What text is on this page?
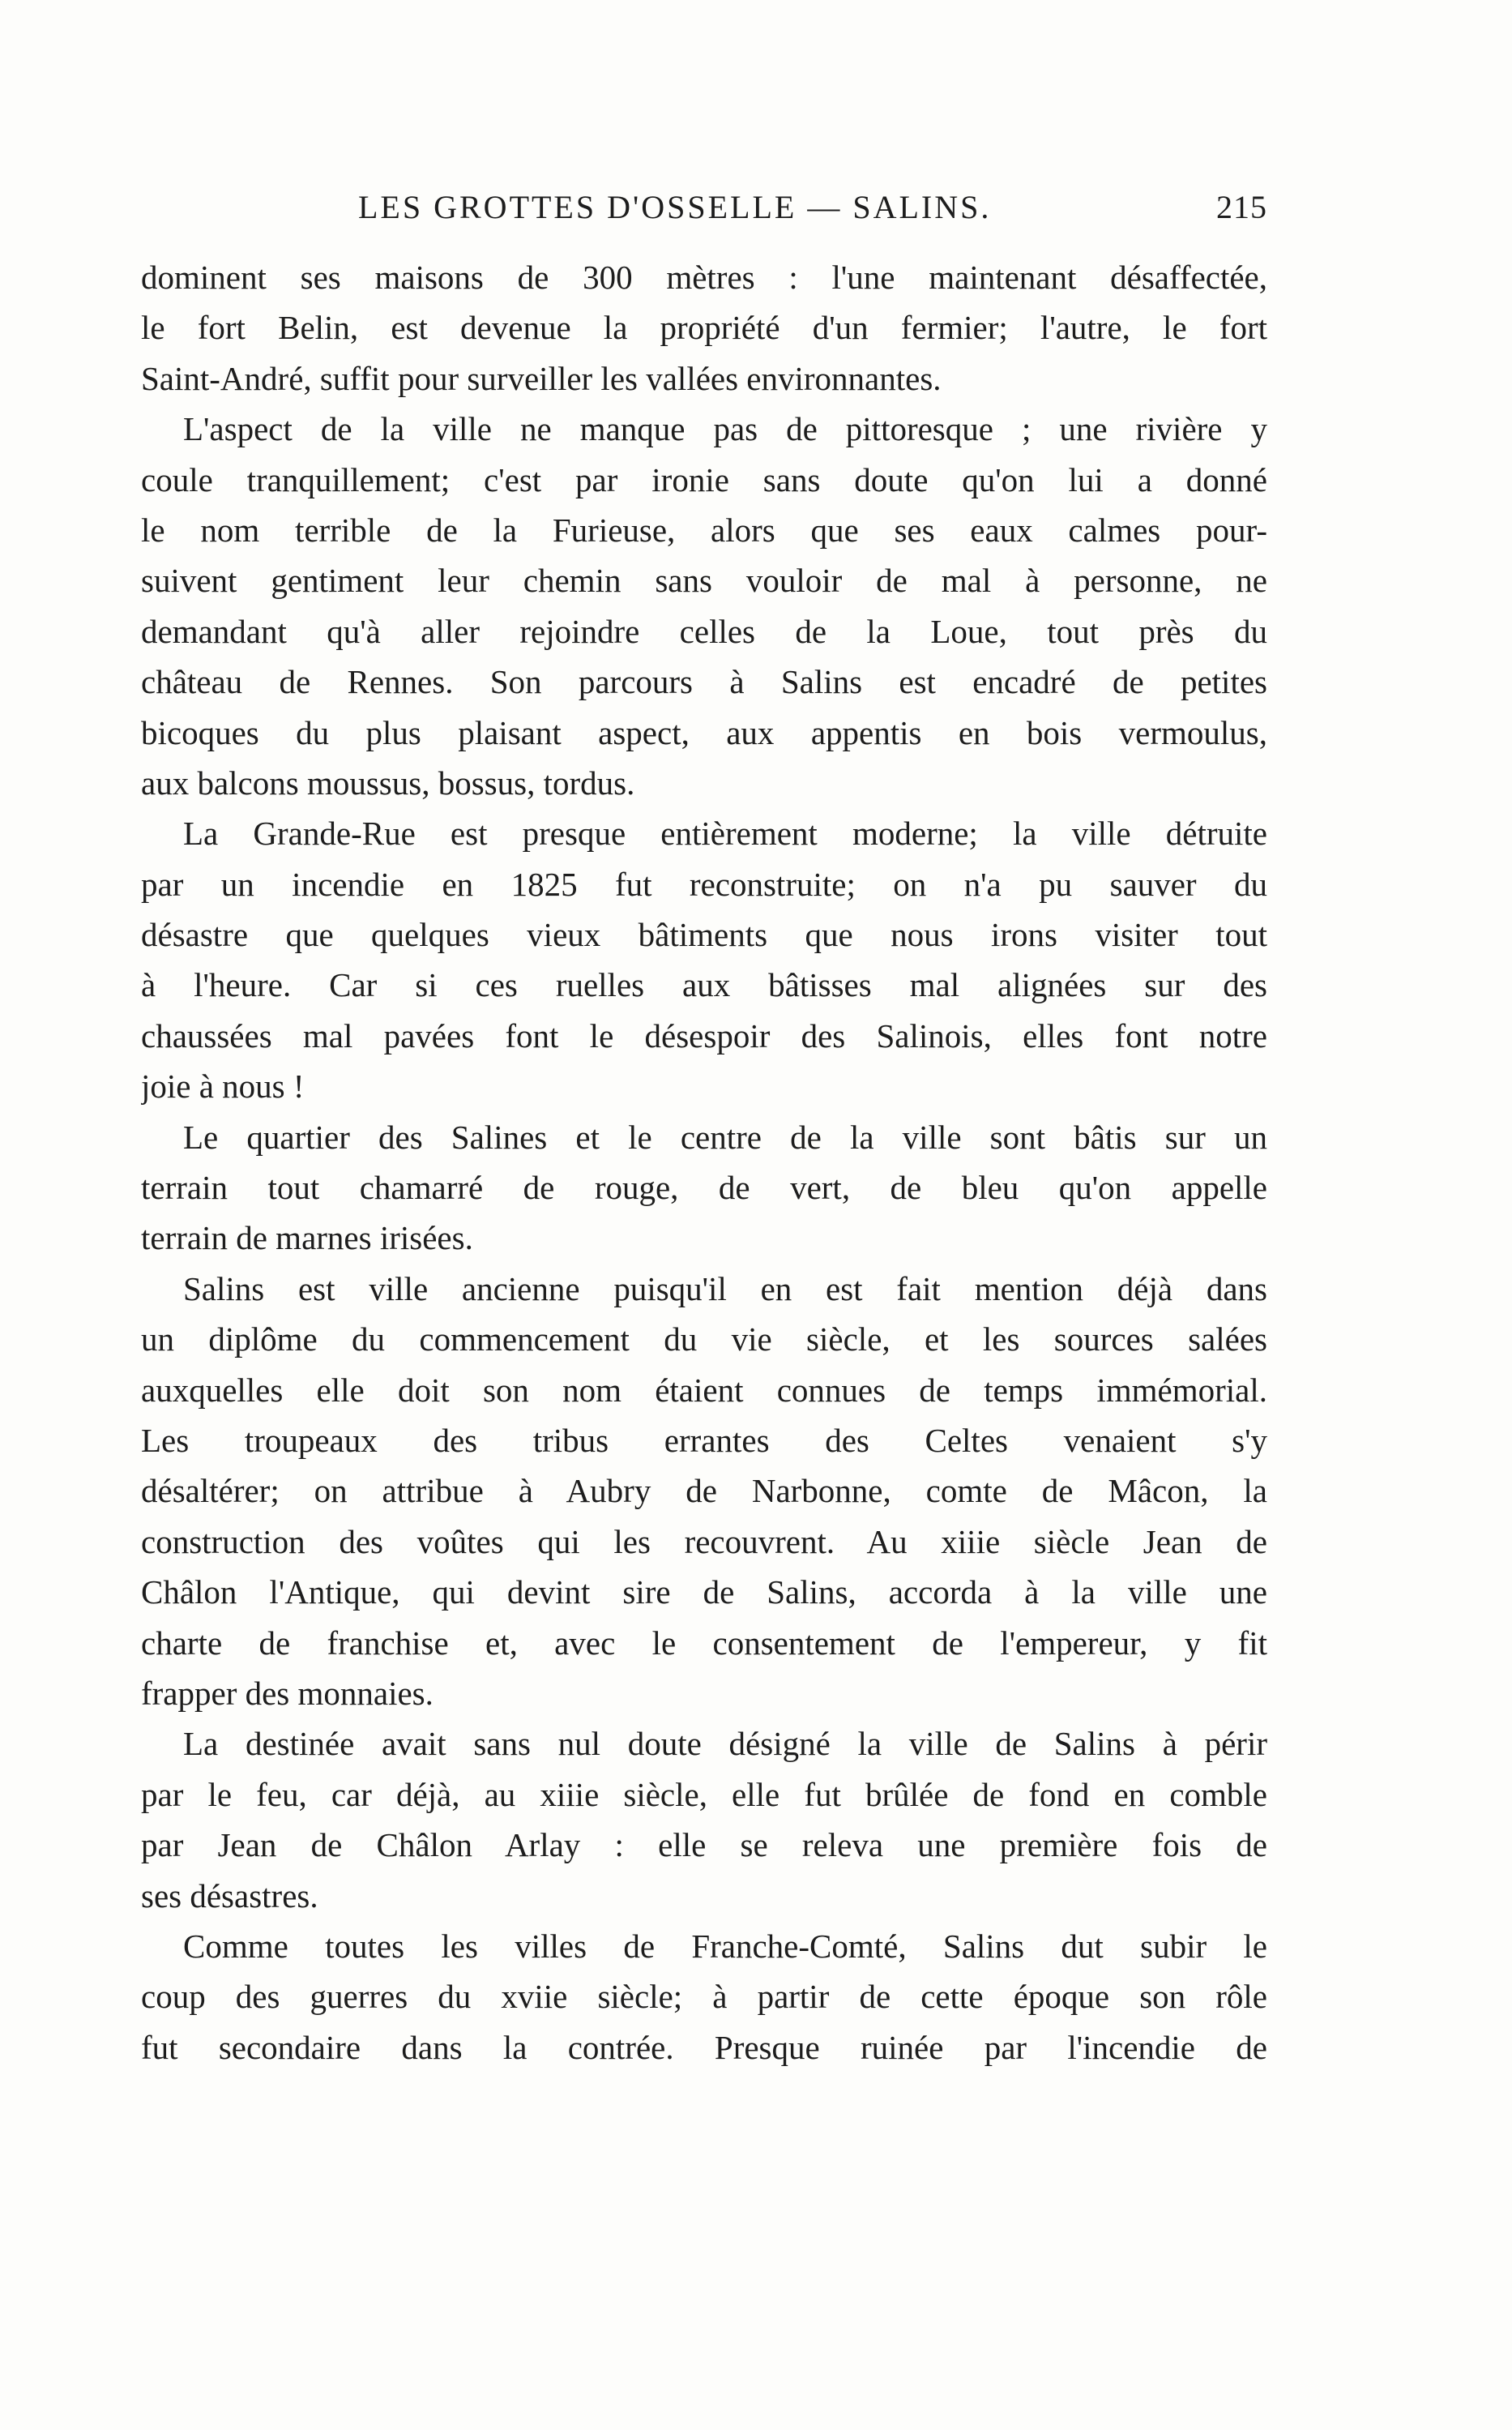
LES GROTTES D'OSSELLE — SALINS.	215

dominent ses maisons de 300 mètres : l'une maintenant désaffectée,
le fort Belin, est devenue la propriété d'un fermier; l'autre, le fort
Saint-André, suffit pour surveiller les vallées environnantes.

L'aspect de la ville ne manque pas de pittoresque ; une rivière y
coule tranquillement; c'est par ironie sans doute qu'on lui a donné
le nom terrible de la Furieuse, alors que ses eaux calmes pour-
suivent gentiment leur chemin sans vouloir de mal à personne, ne
demandant qu'à aller rejoindre celles de la Loue, tout près du
château de Rennes. Son parcours à Salins est encadré de petites
bicoques du plus plaisant aspect, aux appentis en bois vermoulus,
aux balcons moussus, bossus, tordus.

La Grande-Rue est presque entièrement moderne; la ville détruite
par un incendie en 1825 fut reconstruite; on n'a pu sauver du
désastre que quelques vieux bâtiments que nous irons visiter tout
à l'heure. Car si ces ruelles aux bâtisses mal alignées sur des
chaussées mal pavées font le désespoir des Salinois, elles font notre
joie à nous !

Le quartier des Salines et le centre de la ville sont bâtis sur un
terrain tout chamarré de rouge, de vert, de bleu qu'on appelle
terrain de marnes irisées.

Salins est ville ancienne puisqu'il en est fait mention déjà dans
un diplôme du commencement du vie siècle, et les sources salées
auxquelles elle doit son nom étaient connues de temps immémorial.
Les troupeaux des tribus errantes des Celtes venaient s'y
désaltérer; on attribue à Aubry de Narbonne, comte de Mâcon, la
construction des voûtes qui les recouvrent. Au xiiie siècle Jean de
Châlon l'Antique, qui devint sire de Salins, accorda à la ville une
charte de franchise et, avec le consentement de l'empereur, y fit
frapper des monnaies.

La destinée avait sans nul doute désigné la ville de Salins à périr
par le feu, car déjà, au xiiie siècle, elle fut brûlée de fond en comble
par Jean de Châlon Arlay : elle se releva une première fois de
ses désastres.

Comme toutes les villes de Franche-Comté, Salins dut subir le
coup des guerres du xviie siècle; à partir de cette époque son rôle
fut secondaire dans la contrée. Presque ruinée par l'incendie de
